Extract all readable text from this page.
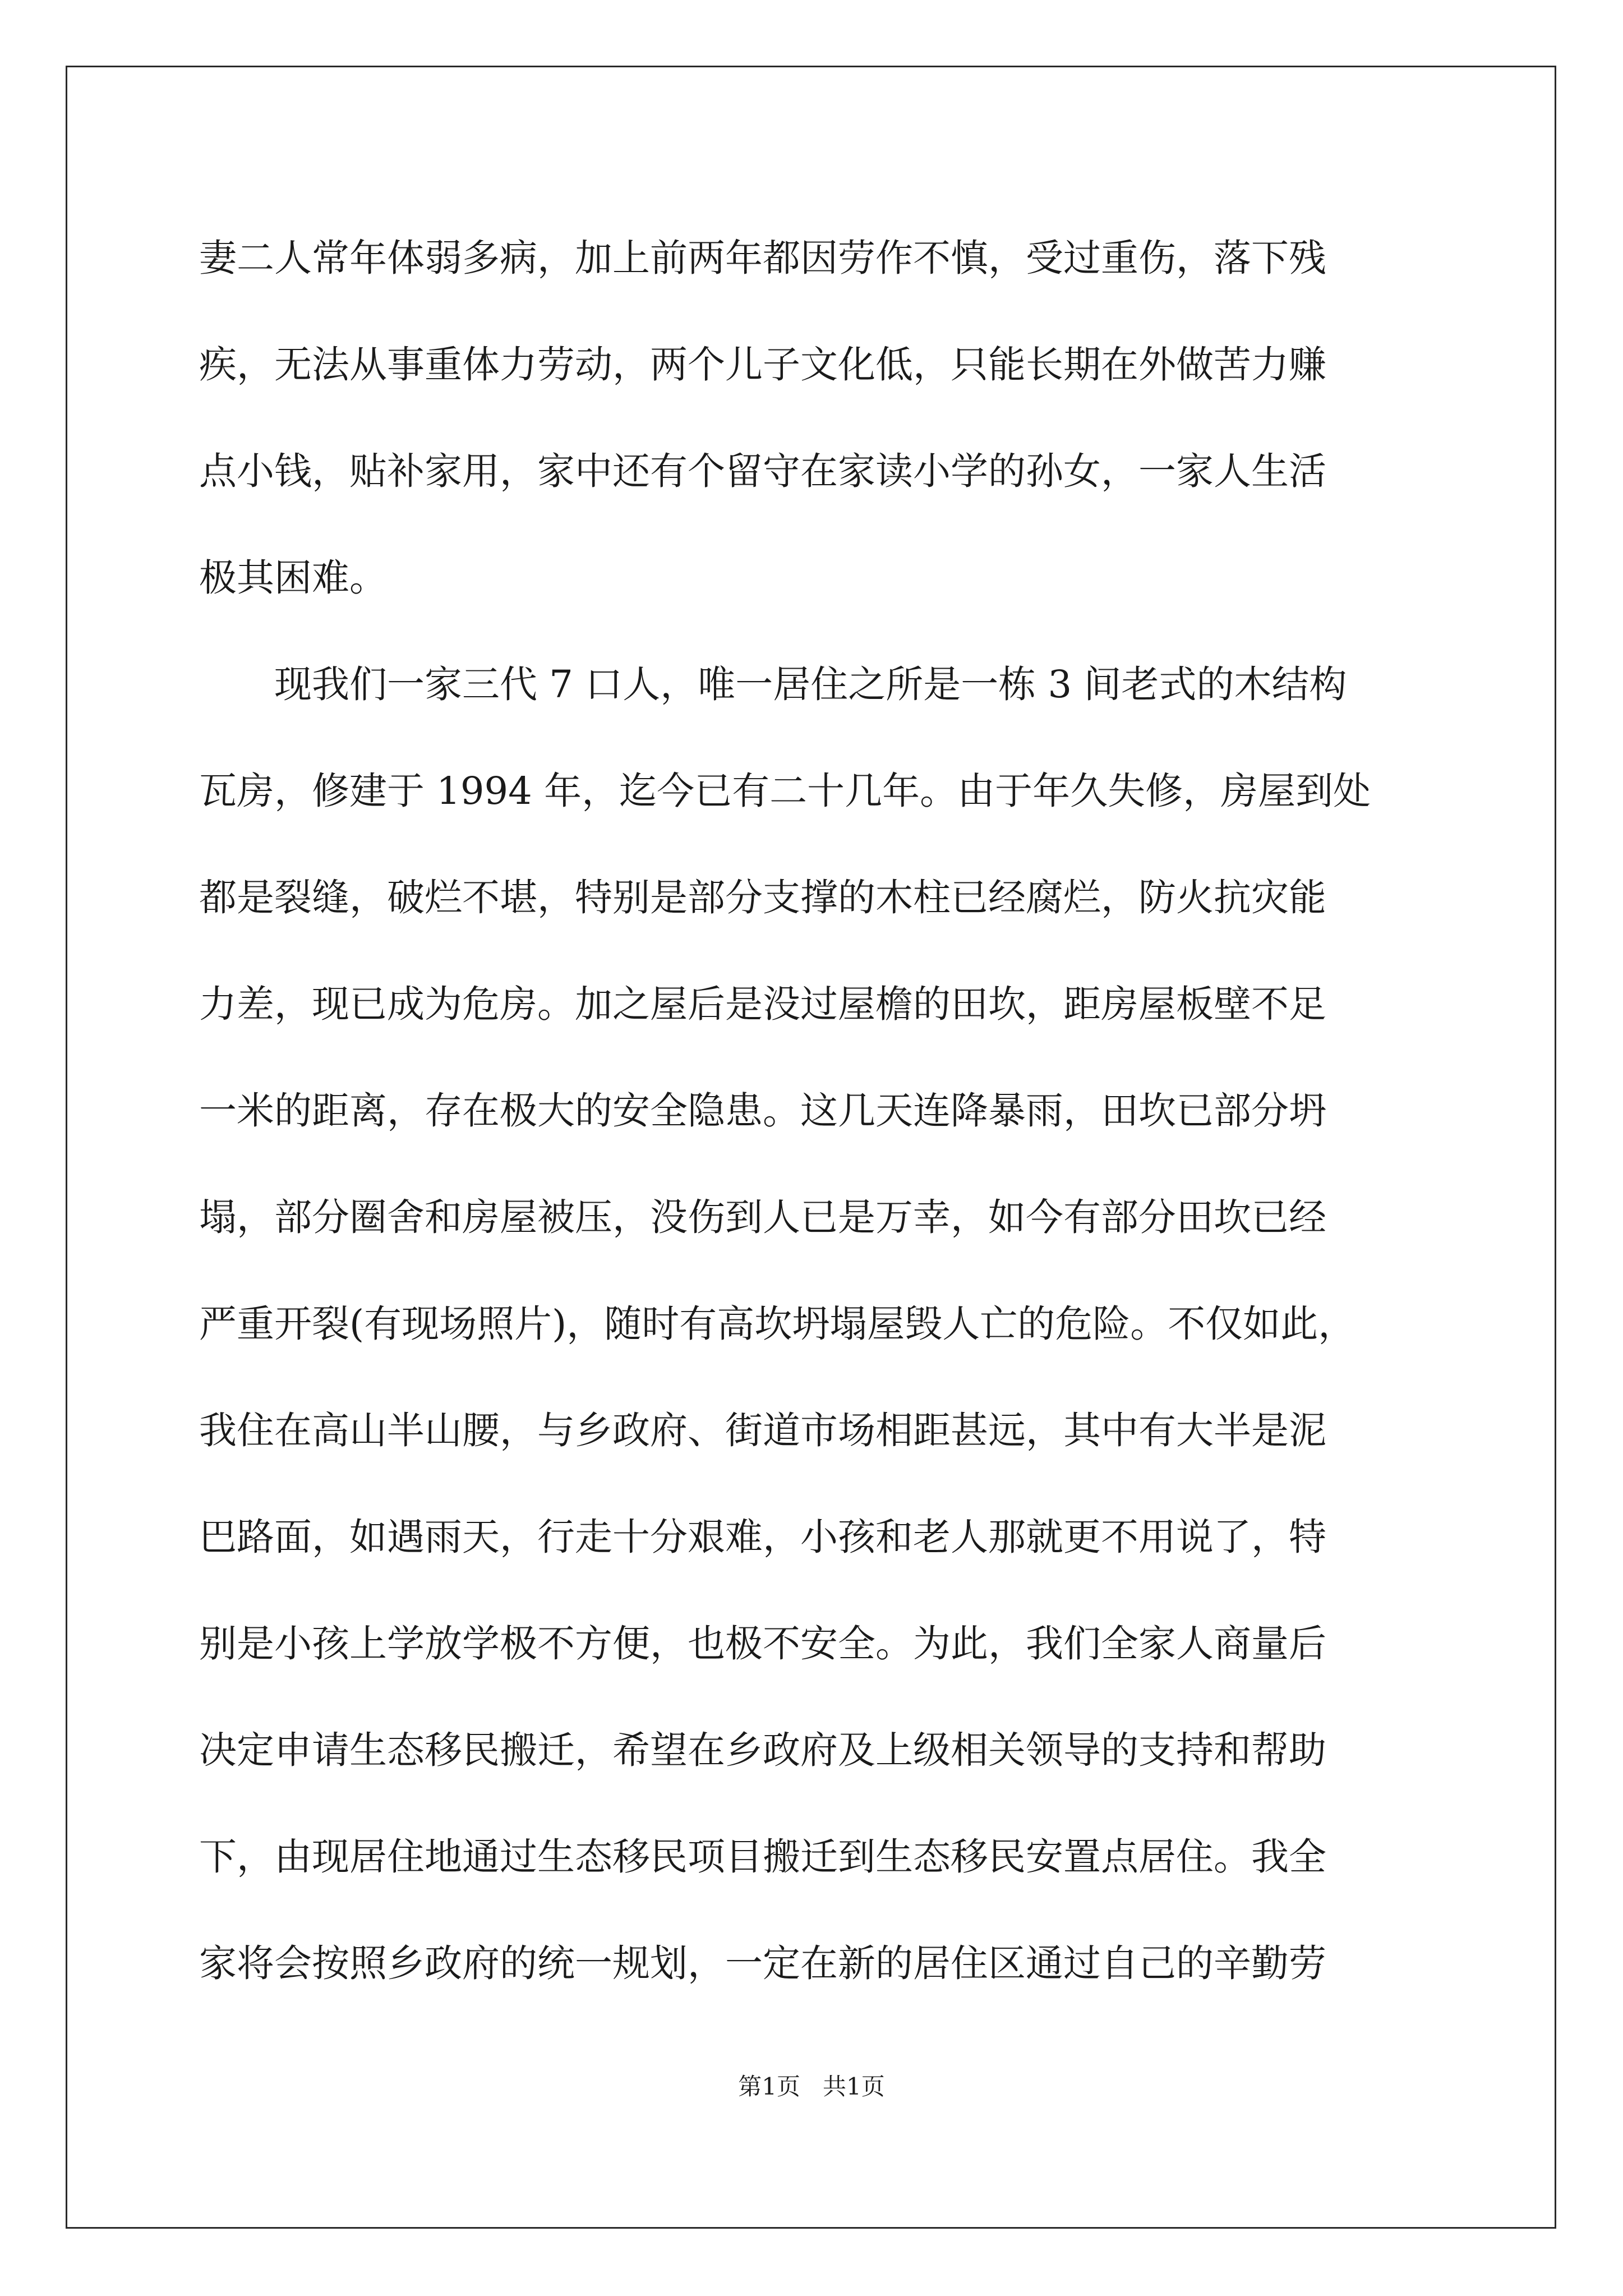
妻二人常年体弱多病，加上前两年都因劳作不慎，受过重伤，落下残
疾，无法从事重体力劳动，两个儿子文化低，只能长期在外做苦力赚
点小钱，贴补家用，家中还有个留守在家读小学的孙女，一家人生活
极其困难。
　　现我们一家三代 7 口人，唯一居住之所是一栋 3 间老式的木结构
瓦房，修建于 1994 年，迄今已有二十几年。由于年久失修，房屋到处
都是裂缝，破烂不堪，特别是部分支撑的木柱已经腐烂，防火抗灾能
力差，现已成为危房。加之屋后是没过屋檐的田坎，距房屋板壁不足
一米的距离，存在极大的安全隐患。这几天连降暴雨，田坎已部分坍
塌，部分圈舍和房屋被压，没伤到人已是万幸，如今有部分田坎已经
严重开裂(有现场照片)，随时有高坎坍塌屋毁人亡的危险。不仅如此，
我住在高山半山腰，与乡政府、街道市场相距甚远，其中有大半是泥
巴路面，如遇雨天，行走十分艰难，小孩和老人那就更不用说了，特
别是小孩上学放学极不方便，也极不安全。为此，我们全家人商量后
决定申请生态移民搬迁，希望在乡政府及上级相关领导的支持和帮助
下，由现居住地通过生态移民项目搬迁到生态移民安置点居住。我全
家将会按照乡政府的统一规划，一定在新的居住区通过自己的辛勤劳
第1页   共1页
